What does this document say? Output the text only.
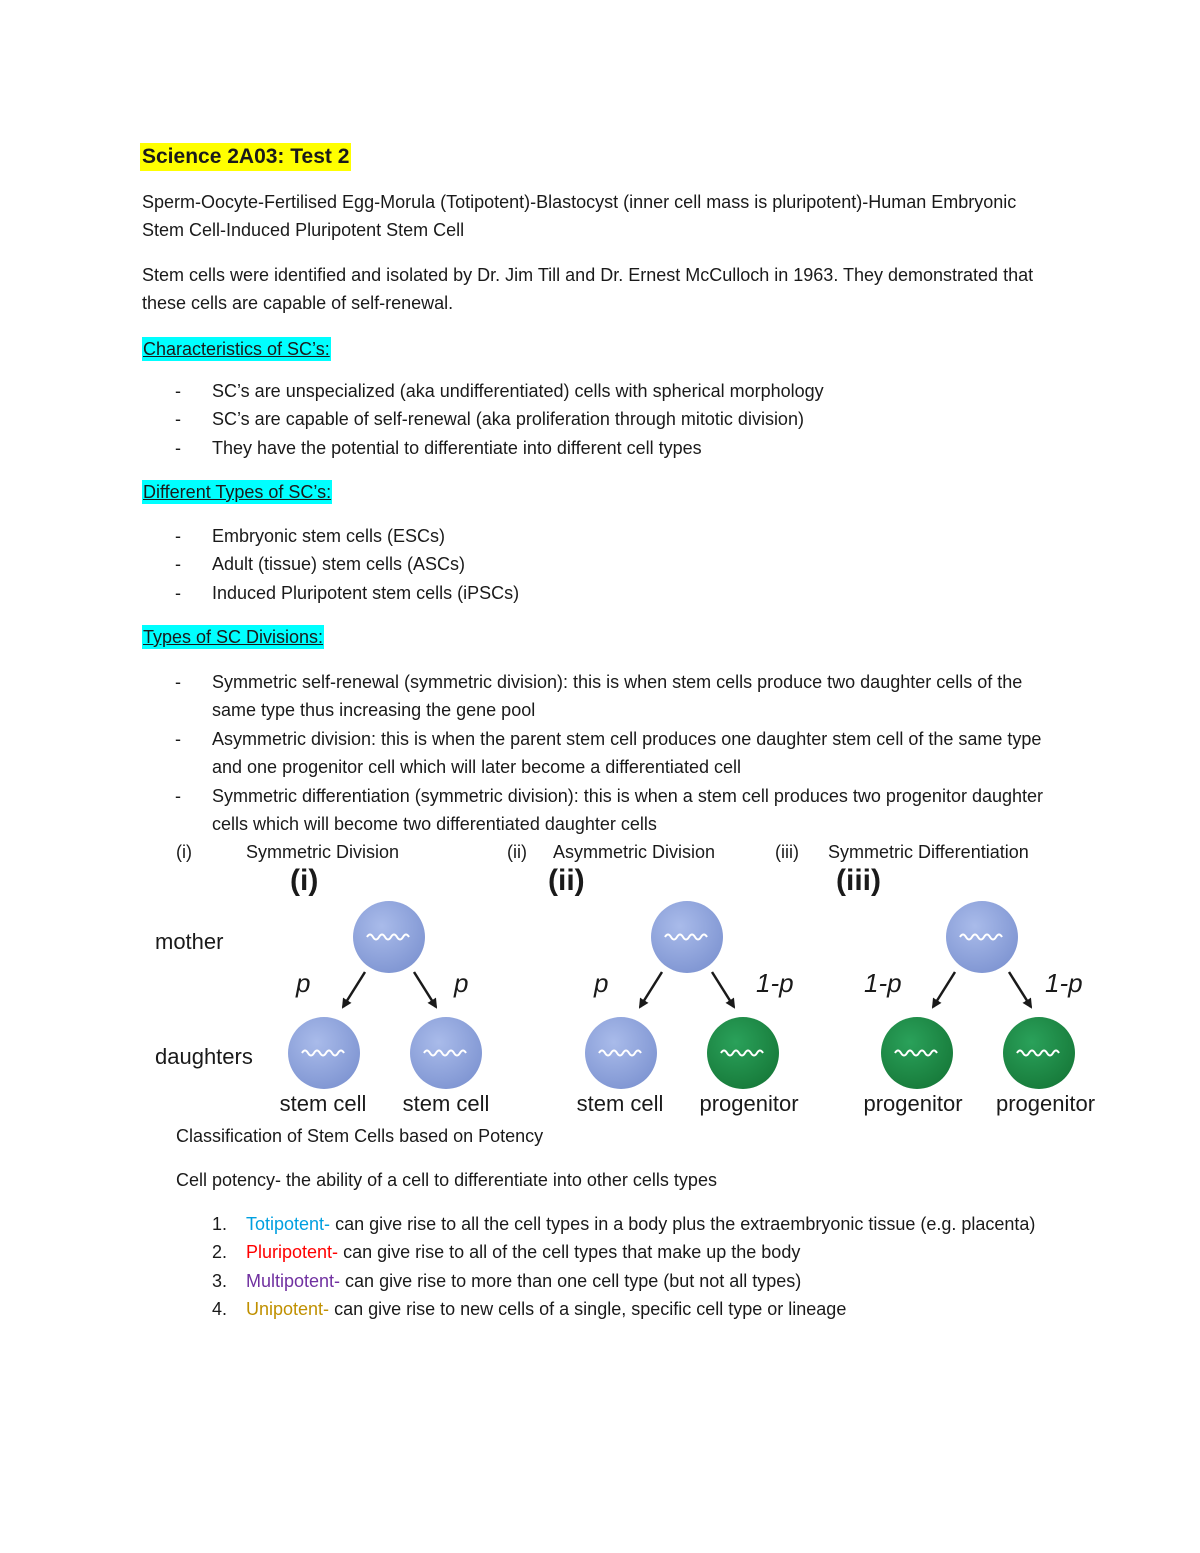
Science 2A03: Test 2

Sperm-Oocyte-Fertilised Egg-Morula (Totipotent)-Blastocyst (inner cell mass is pluripotent)-Human Embryonic Stem Cell-Induced Pluripotent Stem Cell

Stem cells were identified and isolated by Dr. Jim Till and Dr. Ernest McCulloch in 1963. They demonstrated that these cells are capable of self-renewal.

Characteristics of SC’s:
- SC’s are unspecialized (aka undifferentiated) cells with spherical morphology
- SC’s are capable of self-renewal (aka proliferation through mitotic division)
- They have the potential to differentiate into different cell types
Different Types of SC’s:
- Embryonic stem cells (ESCs)
- Adult (tissue) stem cells (ASCs)
- Induced Pluripotent stem cells (iPSCs)
Types of SC Divisions:
- Symmetric self-renewal (symmetric division): this is when stem cells produce two daughter cells of the same type thus increasing the gene pool
- Asymmetric division: this is when the parent stem cell produces one daughter stem cell of the same type and one progenitor cell which will later become a differentiated cell
- Symmetric differentiation (symmetric division): this is when a stem cell produces two progenitor daughter cells which will become two differentiated daughter cells
(i)	Symmetric Division	(ii) Asymmetric Division	(iii) Symmetric Differentiation
(i)	(ii)	(iii)
mother
daughters
p	p
stem cell stem cell
p	1-p
stem cell progenitor
1-p	1-p
progenitor progenitor

Classification of Stem Cells based on Potency

Cell potency- the ability of a cell to differentiate into other cells types

1. Totipotent- can give rise to all the cell types in a body plus the extraembryonic tissue (e.g. placenta)
2. Pluripotent- can give rise to all of the cell types that make up the body
3. Multipotent- can give rise to more than one cell type (but not all types)
4. Unipotent- can give rise to new cells of a single, specific cell type or lineage
